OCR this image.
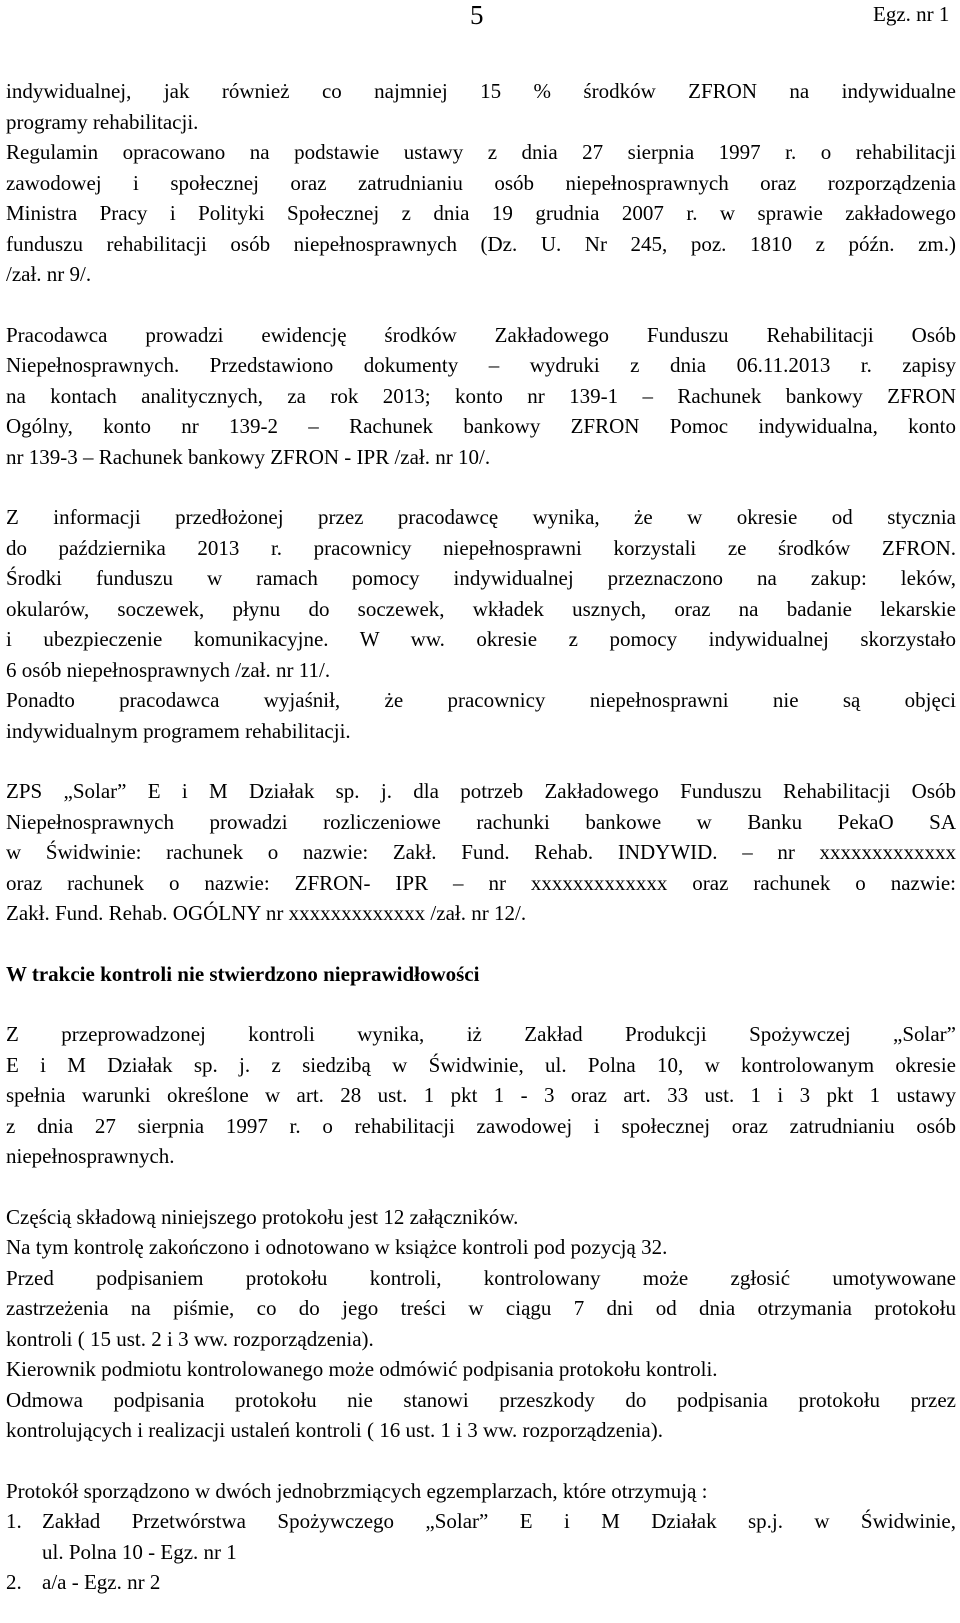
5	Egz. nr 1

indywidualnej, jak również co najmniej 15 % środków ZFRON na indywidualne

programy rehabilitacji.

Regulamin opracowano na podstawie ustawy z dnia 27 sierpnia 1997 r. o rehabilitacji

zawodowej i społecznej oraz zatrudnianiu osób niepełnosprawnych oraz rozporządzenia

Ministra Pracy i Polityki Społecznej z dnia 19 grudnia 2007 r. w sprawie zakładowego

funduszu rehabilitacji osób niepełnosprawnych (Dz. U. Nr 245, poz. 1810 z późn. zm.)

/zał. nr 9/.

Pracodawca prowadzi ewidencję środków Zakładowego Funduszu Rehabilitacji Osób

Niepełnosprawnych. Przedstawiono dokumenty – wydruki z dnia 06.11.2013 r. zapisy

na kontach analitycznych, za rok 2013; konto nr 139-1 – Rachunek bankowy ZFRON

Ogólny, konto nr 139-2 – Rachunek bankowy ZFRON Pomoc indywidualna, konto

nr 139-3 – Rachunek bankowy ZFRON - IPR /zał. nr 10/.

Z informacji przedłożonej przez pracodawcę wynika, że w okresie od stycznia

do października 2013 r. pracownicy niepełnosprawni korzystali ze środków ZFRON.

Środki funduszu w ramach pomocy indywidualnej przeznaczono na zakup: leków,

okularów, soczewek, płynu do soczewek, wkładek usznych, oraz na badanie lekarskie

i ubezpieczenie komunikacyjne. W ww. okresie z pomocy indywidualnej skorzystało

6 osób niepełnosprawnych /zał. nr 11/.

Ponadto pracodawca wyjaśnił, że pracownicy niepełnosprawni nie są objęci

indywidualnym programem rehabilitacji.

ZPS „Solar” E i M Działak sp. j. dla potrzeb Zakładowego Funduszu Rehabilitacji Osób

Niepełnosprawnych prowadzi rozliczeniowe rachunki bankowe w Banku PekaO SA

w Świdwinie: rachunek o nazwie: Zakł. Fund. Rehab. INDYWID. – nr xxxxxxxxxxxxx

oraz rachunek o nazwie: ZFRON- IPR – nr xxxxxxxxxxxxx oraz rachunek o nazwie:

Zakł. Fund. Rehab. OGÓLNY nr xxxxxxxxxxxxx /zał. nr 12/.

W trakcie kontroli nie stwierdzono nieprawidłowości

Z przeprowadzonej kontroli wynika, iż Zakład Produkcji Spożywczej „Solar”

E i M Działak sp. j. z siedzibą w Świdwinie, ul. Polna 10, w kontrolowanym okresie

spełnia warunki określone w art. 28 ust. 1 pkt 1 - 3 oraz art. 33 ust. 1 i 3 pkt 1 ustawy

z dnia 27 sierpnia 1997 r. o rehabilitacji zawodowej i społecznej oraz zatrudnianiu osób

niepełnosprawnych.

Częścią składową niniejszego protokołu jest 12 załączników.

Na tym kontrolę zakończono i odnotowano w książce kontroli pod pozycją 32.

Przed podpisaniem protokołu kontroli, kontrolowany może zgłosić umotywowane

zastrzeżenia na piśmie, co do jego treści w ciągu 7 dni od dnia otrzymania protokołu

kontroli ( 15 ust. 2 i 3 ww. rozporządzenia).

Kierownik podmiotu kontrolowanego może odmówić podpisania protokołu kontroli.

Odmowa podpisania protokołu nie stanowi przeszkody do podpisania protokołu przez

kontrolujących i realizacji ustaleń kontroli ( 16 ust. 1 i 3 ww. rozporządzenia).

Protokół sporządzono w dwóch jednobrzmiących egzemplarzach, które otrzymują :

1. Zakład Przetwórstwa Spożywczego „Solar” E i M Działak sp.j. w Świdwinie,
ul. Polna 10 - Egz. nr 1
2. a/a - Egz. nr 2
